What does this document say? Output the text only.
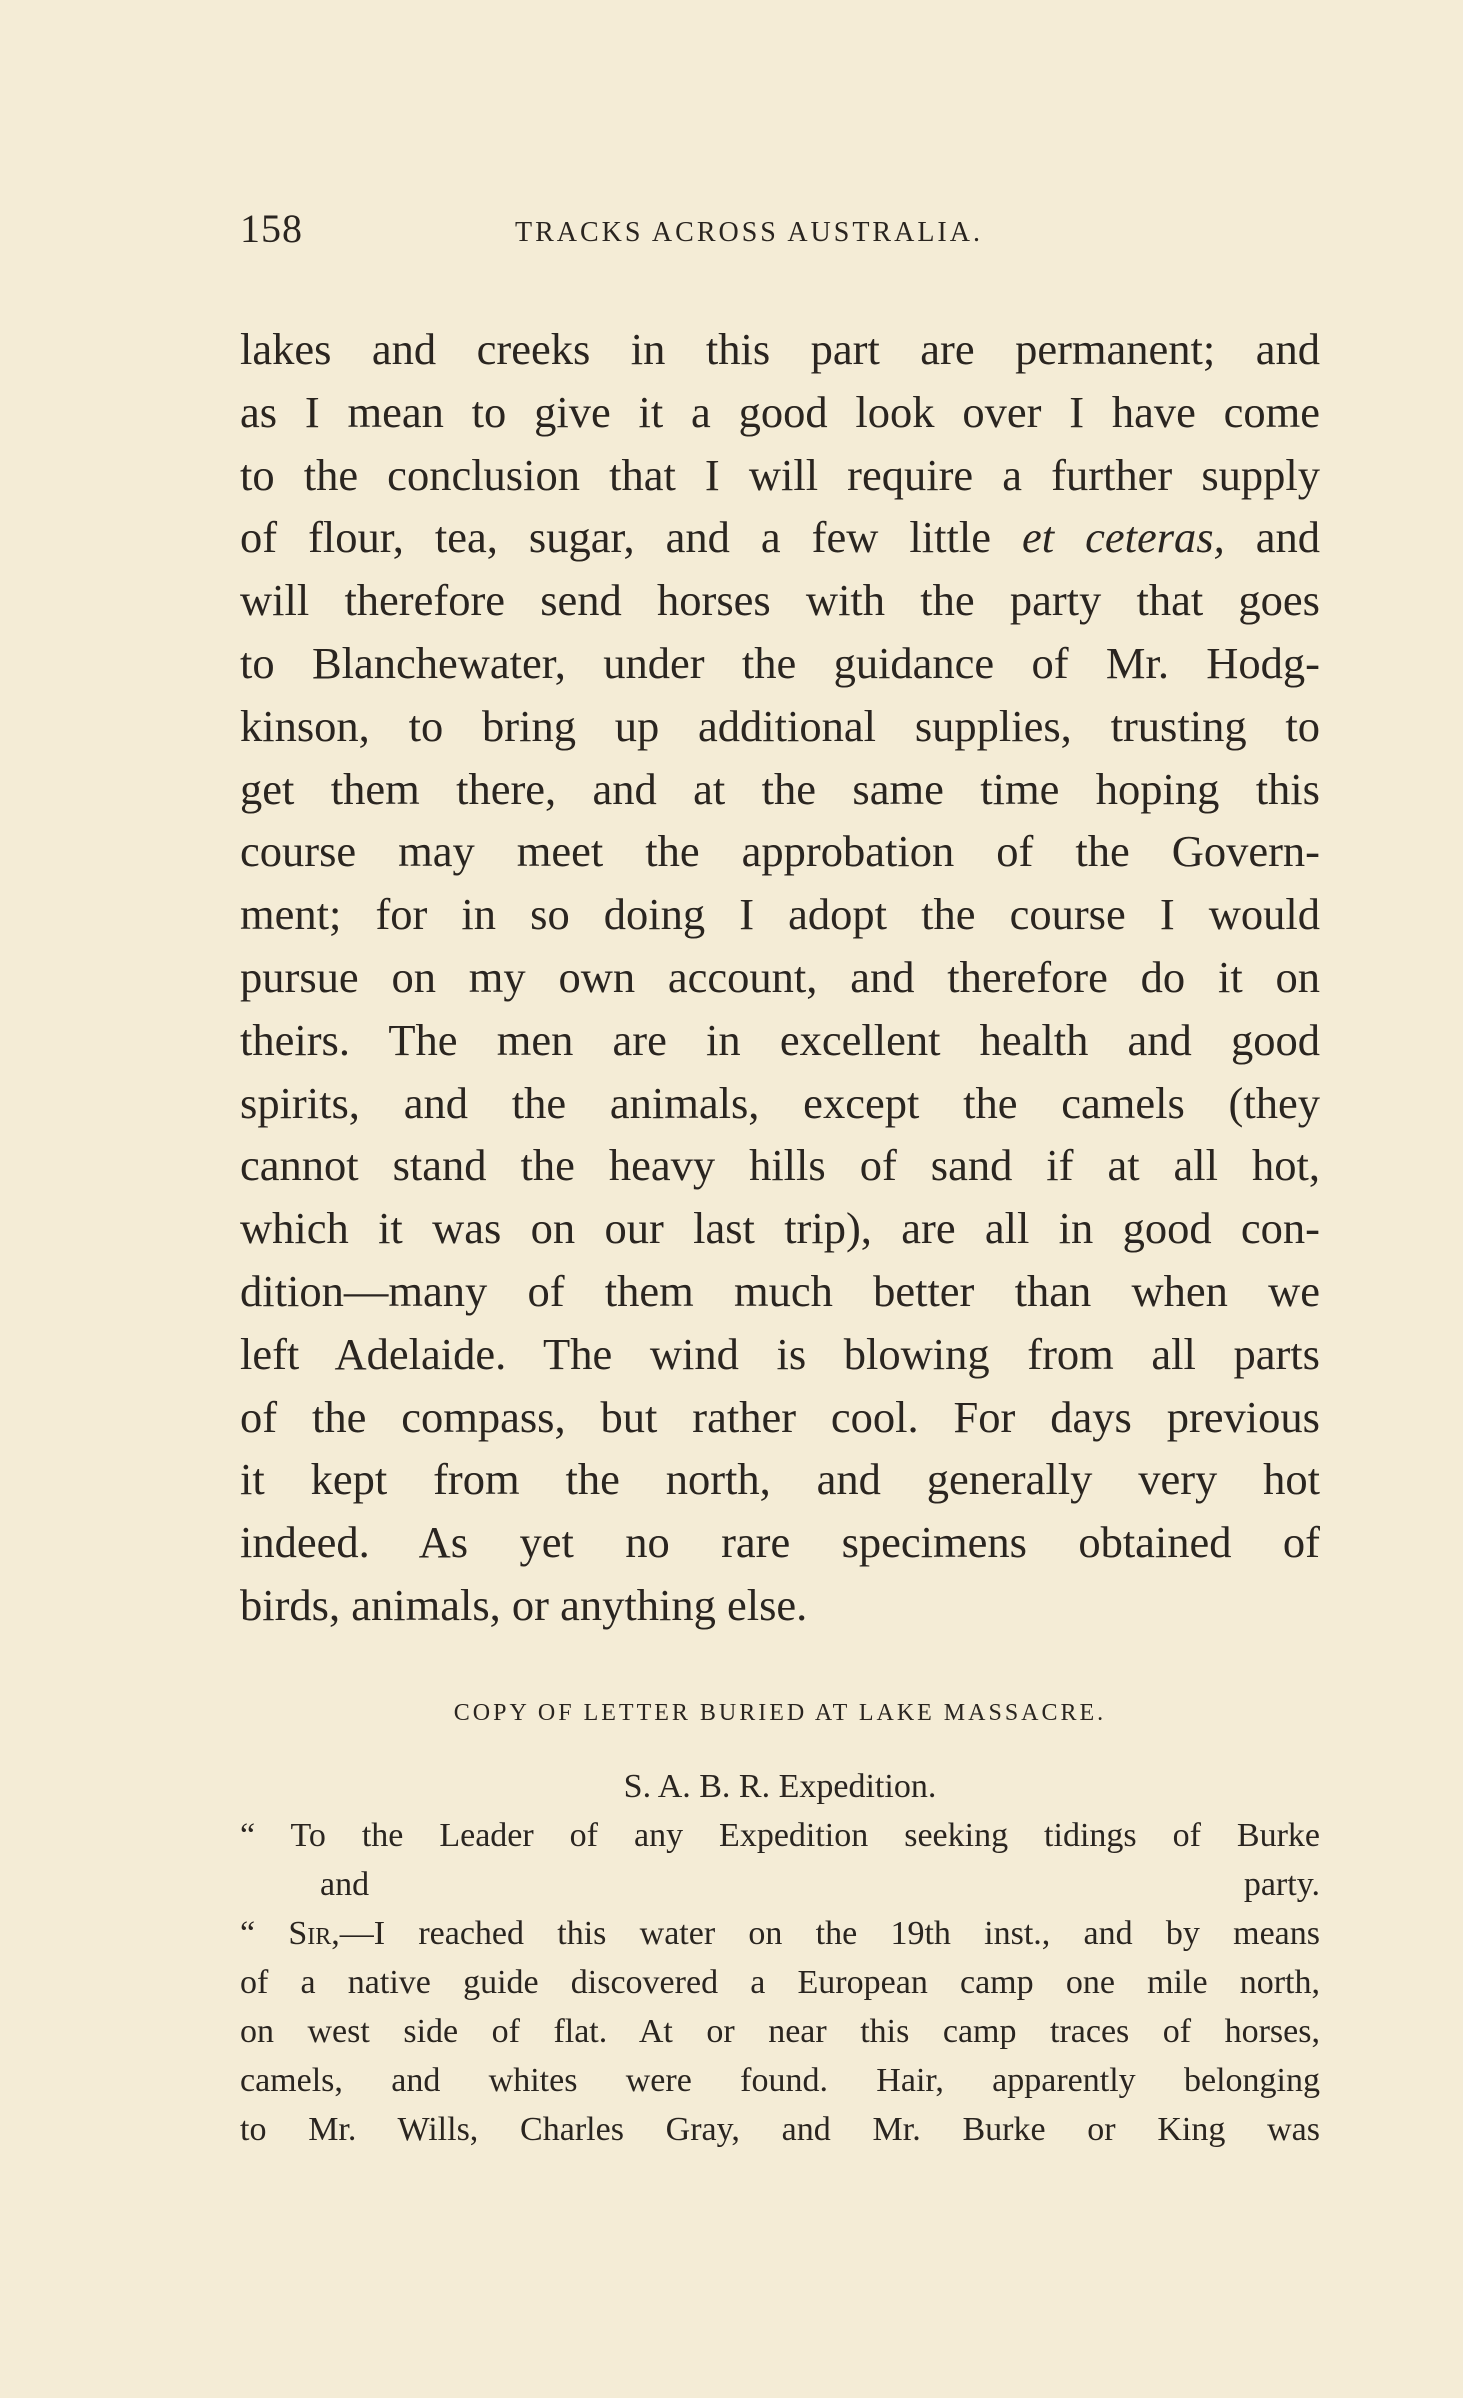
158	TRACKS ACROSS AUSTRALIA.
lakes and creeks in this part are permanent; and
as I mean to give it a good look over I have come
to the conclusion that I will require a further supply
of flour, tea, sugar, and a few little et ceteras, and
will therefore send horses with the party that goes
to Blanchewater, under the guidance of Mr. Hodg-
kinson, to bring up additional supplies, trusting to
get them there, and at the same time hoping this
course may meet the approbation of the Govern-
ment; for in so doing I adopt the course I would
pursue on my own account, and therefore do it on
theirs. The men are in excellent health and good
spirits, and the animals, except the camels (they
cannot stand the heavy hills of sand if at all hot,
which it was on our last trip), are all in good con-
dition—many of them much better than when we
left Adelaide. The wind is blowing from all parts
of the compass, but rather cool. For days previous
it kept from the north, and generally very hot
indeed. As yet no rare specimens obtained of
birds, animals, or anything else.
COPY OF LETTER BURIED AT LAKE MASSACRE.
S. A. B. R. Expedition.
“ To the Leader of any Expedition seeking tidings of Burke
and party.
“ Sir,—I reached this water on the 19th inst., and by means
of a native guide discovered a European camp one mile north,
on west side of flat. At or near this camp traces of horses,
camels, and whites were found. Hair, apparently belonging
to Mr. Wills, Charles Gray, and Mr. Burke or King was
